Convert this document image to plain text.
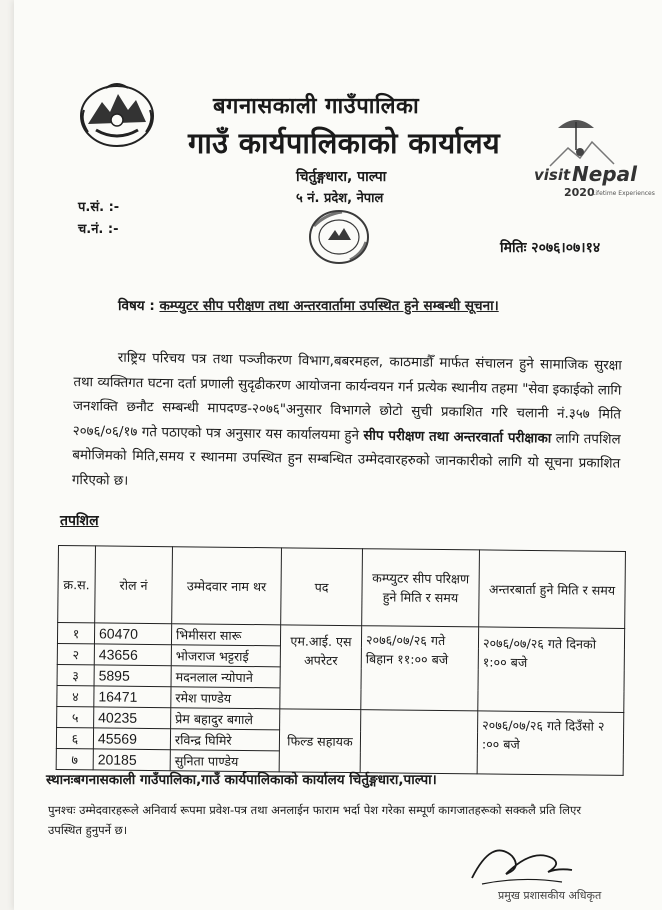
बगनासकाली गाउँपालिका
गाउँ कार्यपालिकाको कार्यालय
चिर्तुङ्गधारा, पाल्पा
५ नं. प्रदेश, नेपाल
visit Nepal
2020
Lifetime Experiences
प.सं. :-
च.नं. :-
मितिः २०७६।०७।१४
विषय : कम्प्युटर सीप परीक्षण तथा अन्तरवार्तामा उपस्थित हुने सम्बन्धी सूचना।
राष्ट्रिय परिचय पत्र तथा पञ्जीकरण विभाग,बबरमहल, काठमाडौँ मार्फत संचालन हुने सामाजिक सुरक्षा तथा व्यक्तिगत घटना दर्ता प्रणाली सुदृढीकरण आयोजना कार्यन्वयन गर्न प्रत्येक स्थानीय तहमा "सेवा इकाईको लागि जनशक्ति छनौट सम्बन्धी मापदण्ड-२०७६"अनुसार विभागले छोटो सुची प्रकाशित गरि चलानी नं.३५७ मिति २०७६/०६/१७ गते पठाएको पत्र अनुसार यस कार्यालयमा हुने सीप परीक्षण तथा अन्तरवार्ता परीक्षाका लागि तपशिल बमोजिमको मिति,समय र स्थानमा उपस्थित हुन सम्बन्धित उम्मेदवारहरुको जानकारीको लागि यो सूचना प्रकाशित गरिएको छ।
तपशिल
क्र.स.	रोल नं	उम्मेदवार नाम थर	पद	कम्प्युटर सीप परिक्षण हुने मिति र समय	अन्तरबार्ता हुने मिति र समय
१	60470	भिमीसरा सारू	एम.आई. एस अपरेटर	२०७६/०७/२६ गते बिहान ११:०० बजे	२०७६/०७/२६ गते दिनको १:०० बजे
२	43656	भोजराज भट्टराई			
३	5895	मदनलाल न्योपाने			
४	16471	रमेश पाण्डेय			
५	40235	प्रेम बहादुर बगाले	फिल्ड सहायक		२०७६/०७/२६ गते दिउँसो २ :०० बजे
६	45569	रविन्द्र घिमिरे			
७	20185	सुनिता पाण्डेय			
स्थानःबगनासकाली गाउँपालिका,गाउँ कार्यपालिकाको कार्यालय चिर्तुङ्गधारा,पाल्पा।
पुनश्चः उम्मेदवारहरूले अनिवार्य रूपमा प्रवेश-पत्र तथा अनलाईन फाराम भर्दा पेश गरेका सम्पूर्ण कागजातहरूको सक्कलै प्रति लिएर उपस्थित हुनुपर्ने छ।
प्रमुख प्रशासकीय अधिकृत
